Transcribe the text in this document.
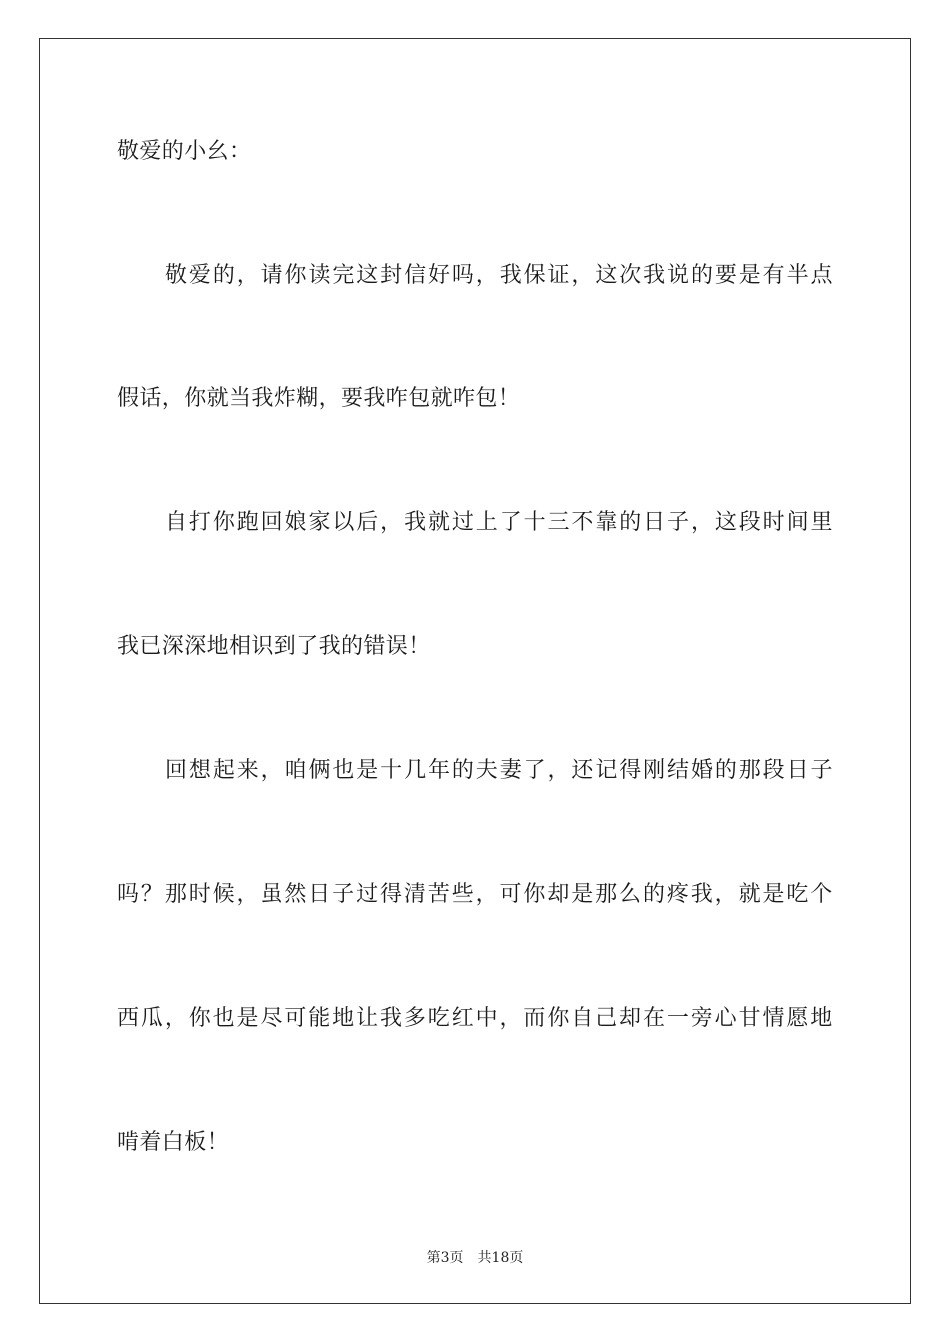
敬爱的小幺：
敬 爱 的 ， 请 你 读 完 这 封 信 好 吗 ， 我 保 证 ， 这 次 我 说 的 要 是 有 半 点
假话，你就当我炸糊，要我咋包就咋包！
自 打 你 跑 回 娘 家 以 后 ， 我 就 过 上 了 十 三 不 靠 的 日 子 ， 这 段 时 间 里
我已深深地相识到了我的错误！
回 想 起 来 ， 咱 俩 也 是 十 几 年 的 夫 妻 了 ， 还 记 得 刚 结 婚 的 那 段 日 子
吗 ？ 那 时 候 ， 虽 然 日 子 过 得 清 苦 些 ， 可 你 却 是 那 么 的 疼 我 ， 就 是 吃 个
西 瓜 ， 你 也 是 尽 可 能 地 让 我 多 吃 红 中 ， 而 你 自 己 却 在 一 旁 心 甘 情 愿 地
啃着白板！
第3页 共18页
